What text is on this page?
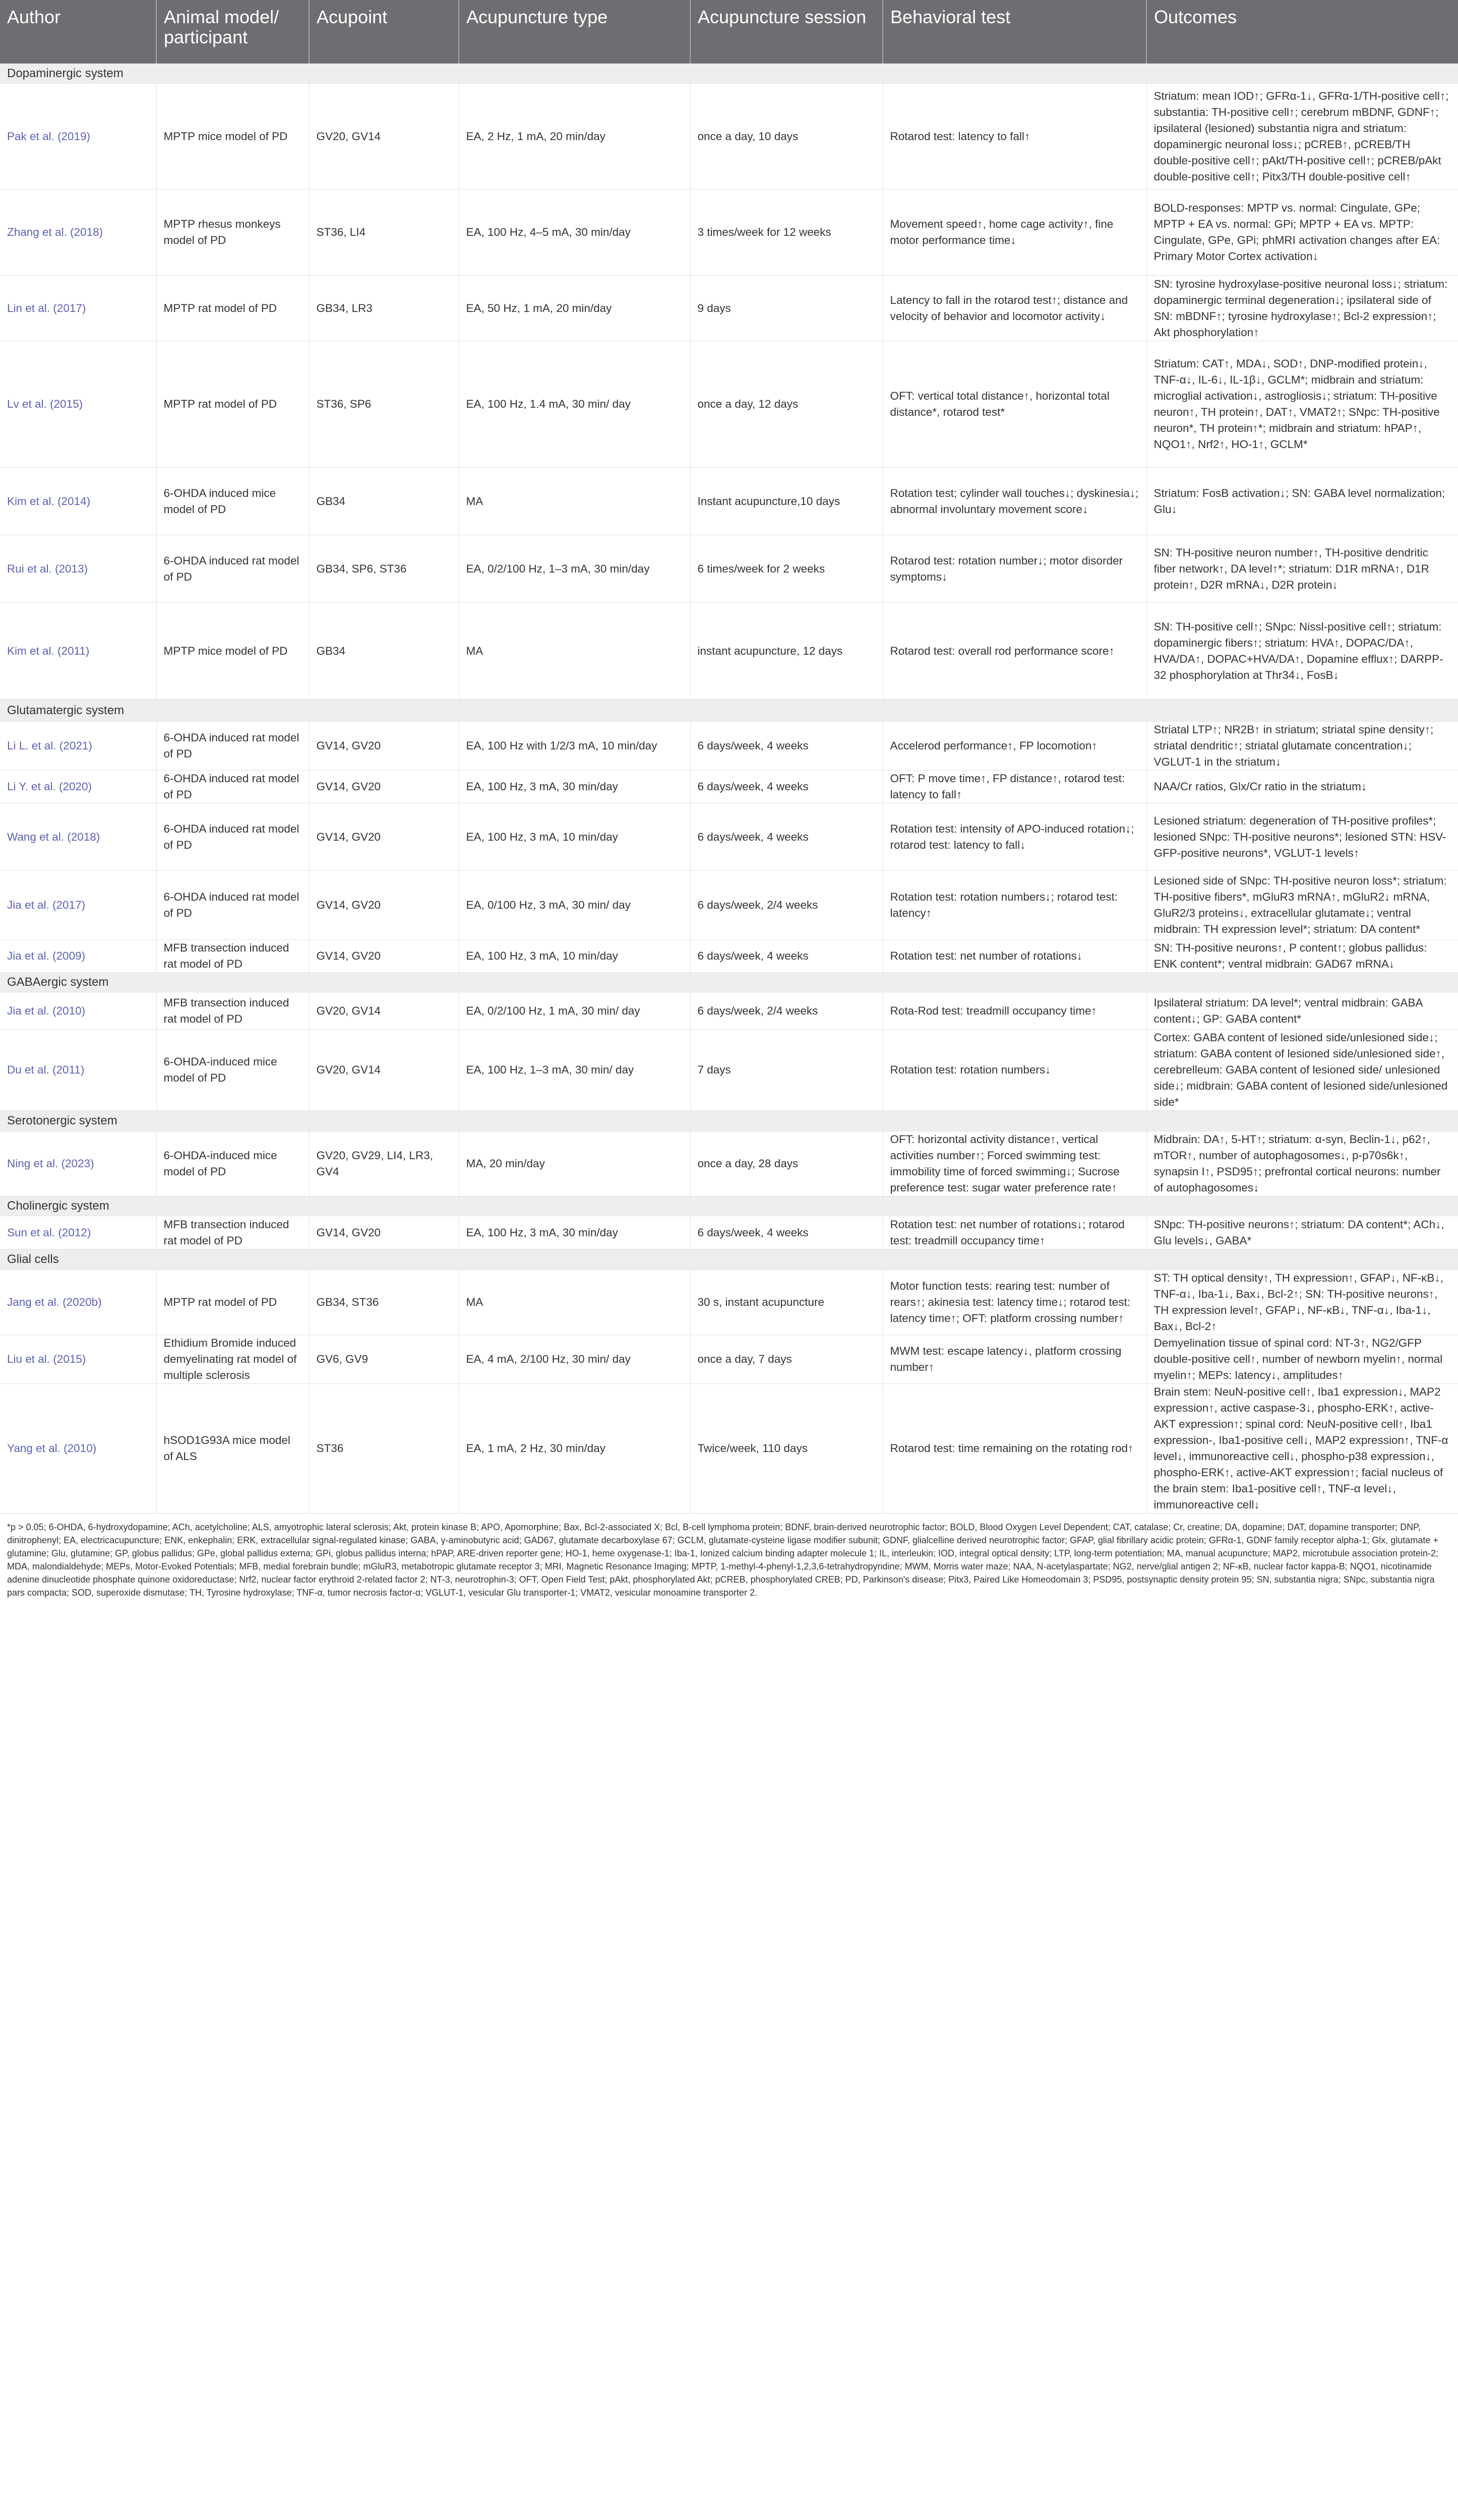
Author	Animal model/ participant	Acupoint	Acupuncture type	Acupuncture session	Behavioral test	Outcomes
Dopaminergic system						
Pak et al. (2019)	MPTP mice model of PD	GV20, GV14	EA, 2 Hz, 1 mA, 20 min/day	once a day, 10 days	Rotarod test: latency to fall↑	Striatum: mean IOD↑; GFRα-1↓, GFRα-1/TH-positive cell↑; substantia: TH-positive cell↑; cerebrum mBDNF, GDNF↑; ipsilateral (lesioned) substantia nigra and striatum: dopaminergic neuronal loss↓; pCREB↑, pCREB/TH double-positive cell↑; pAkt/TH-positive cell↑; pCREB/pAkt double-positive cell↑; Pitx3/TH double-positive cell↑
Zhang et al. (2018)	MPTP rhesus monkeys model of PD	ST36, LI4	EA, 100 Hz, 4–5 mA, 30 min/day	3 times/week for 12 weeks	Movement speed↑, home cage activity↑, fine motor performance time↓	BOLD-responses: MPTP vs. normal: Cingulate, GPe; MPTP + EA vs. normal: GPi; MPTP + EA vs. MPTP: Cingulate, GPe, GPi; phMRI activation changes after EA: Primary Motor Cortex activation↓
Lin et al. (2017)	MPTP rat model of PD	GB34, LR3	EA, 50 Hz, 1 mA, 20 min/day	9 days	Latency to fall in the rotarod test↑; distance and velocity of behavior and locomotor activity↓	SN: tyrosine hydroxylase-positive neuronal loss↓; striatum: dopaminergic terminal degeneration↓; ipsilateral side of SN: mBDNF↑; tyrosine hydroxylase↑; Bcl-2 expression↑; Akt phosphorylation↑
Lv et al. (2015)	MPTP rat model of PD	ST36, SP6	EA, 100 Hz, 1.4 mA, 30 min/ day	once a day, 12 days	OFT: vertical total distance↑, horizontal total distance*, rotarod test*	Striatum: CAT↑, MDA↓, SOD↑, DNP-modified protein↓, TNF-α↓, IL-6↓, IL-1β↓, GCLM*; midbrain and striatum: microglial activation↓, astrogliosis↓; striatum: TH-positive neuron↑, TH protein↑, DAT↑, VMAT2↑; SNpc: TH-positive neuron*, TH protein↑*; midbrain and striatum: hPAP↑, NQO1↑, Nrf2↑, HO-1↑, GCLM*
Kim et al. (2014)	6-OHDA induced mice model of PD	GB34	MA	Instant acupuncture,10 days	Rotation test; cylinder wall touches↓; dyskinesia↓; abnormal involuntary movement score↓	Striatum: FosB activation↓; SN: GABA level normalization; Glu↓
Rui et al. (2013)	6-OHDA induced rat model of PD	GB34, SP6, ST36	EA, 0/2/100 Hz, 1–3 mA, 30 min/day	6 times/week for 2 weeks	Rotarod test: rotation number↓; motor disorder symptoms↓	SN: TH-positive neuron number↑, TH-positive dendritic fiber network↑, DA level↑*; striatum: D1R mRNA↑, D1R protein↑, D2R mRNA↓, D2R protein↓
Kim et al. (2011)	MPTP mice model of PD	GB34	MA	instant acupuncture, 12 days	Rotarod test: overall rod performance score↑	SN: TH-positive cell↑; SNpc: Nissl-positive cell↑; striatum: dopaminergic fibers↑; striatum: HVA↑, DOPAC/DA↑, HVA/DA↑, DOPAC+HVA/DA↑, Dopamine efflux↑; DARPP-32 phosphorylation at Thr34↓, FosB↓
Glutamatergic system						
Li L. et al. (2021)	6-OHDA induced rat model of PD	GV14, GV20	EA, 100 Hz with 1/2/3 mA, 10 min/day	6 days/week, 4 weeks	Accelerod performance↑, FP locomotion↑	Striatal LTP↑; NR2B↑ in striatum; striatal spine density↑; striatal dendritic↑; striatal glutamate concentration↓; VGLUT-1 in the striatum↓
Li Y. et al. (2020)	6-OHDA induced rat model of PD	GV14, GV20	EA, 100 Hz, 3 mA, 30 min/day	6 days/week, 4 weeks	OFT: P move time↑, FP distance↑, rotarod test: latency to fall↑	NAA/Cr ratios, Glx/Cr ratio in the striatum↓
Wang et al. (2018)	6-OHDA induced rat model of PD	GV14, GV20	EA, 100 Hz, 3 mA, 10 min/day	6 days/week, 4 weeks	Rotation test: intensity of APO-induced rotation↓; rotarod test: latency to fall↓	Lesioned striatum: degeneration of TH-positive profiles*; lesioned SNpc: TH-positive neurons*; lesioned STN: HSV-GFP-positive neurons*, VGLUT-1 levels↑
Jia et al. (2017)	6-OHDA induced rat model of PD	GV14, GV20	EA, 0/100 Hz, 3 mA, 30 min/ day	6 days/week, 2/4 weeks	Rotation test: rotation numbers↓; rotarod test: latency↑	Lesioned side of SNpc: TH-positive neuron loss*; striatum: TH-positive fibers*, mGluR3 mRNA↑, mGluR2↓ mRNA, GluR2/3 proteins↓, extracellular glutamate↓; ventral midbrain: TH expression level*; striatum: DA content*
Jia et al. (2009)	MFB transection induced rat model of PD	GV14, GV20	EA, 100 Hz, 3 mA, 10 min/day	6 days/week, 4 weeks	Rotation test: net number of rotations↓	SN: TH-positive neurons↑, P content↑; globus pallidus: ENK content*; ventral midbrain: GAD67 mRNA↓
GABAergic system						
Jia et al. (2010)	MFB transection induced rat model of PD	GV20, GV14	EA, 0/2/100 Hz, 1 mA, 30 min/ day	6 days/week, 2/4 weeks	Rota-Rod test: treadmill occupancy time↑	Ipsilateral striatum: DA level*; ventral midbrain: GABA content↓; GP: GABA content*
Du et al. (2011)	6-OHDA-induced mice model of PD	GV20, GV14	EA, 100 Hz, 1–3 mA, 30 min/ day	7 days	Rotation test: rotation numbers↓	Cortex: GABA content of lesioned side/unlesioned side↓; striatum: GABA content of lesioned side/unlesioned side↑, cerebrelleum: GABA content of lesioned side/ unlesioned side↓; midbrain: GABA content of lesioned side/unlesioned side*
Serotonergic system						
Ning et al. (2023)	6-OHDA-induced mice model of PD	GV20, GV29, LI4, LR3, GV4	MA, 20 min/day	once a day, 28 days	OFT: horizontal activity distance↑, vertical activities number↑; Forced swimming test: immobility time of forced swimming↓; Sucrose preference test: sugar water preference rate↑	Midbrain: DA↑, 5-HT↑; striatum: α-syn, Beclin-1↓, p62↑, mTOR↑, number of autophagosomes↓, p-p70s6k↑, synapsin I↑, PSD95↑; prefrontal cortical neurons: number of autophagosomes↓
Cholinergic system						
Sun et al. (2012)	MFB transection induced rat model of PD	GV14, GV20	EA, 100 Hz, 3 mA, 30 min/day	6 days/week, 4 weeks	Rotation test: net number of rotations↓; rotarod test: treadmill occupancy time↑	SNpc: TH-positive neurons↑; striatum: DA content*; ACh↓, Glu levels↓, GABA*
Glial cells						
Jang et al. (2020b)	MPTP rat model of PD	GB34, ST36	MA	30 s, instant acupuncture	Motor function tests: rearing test: number of rears↑; akinesia test: latency time↓; rotarod test: latency time↑; OFT: platform crossing number↑	ST: TH optical density↑, TH expression↑, GFAP↓, NF-κB↓, TNF-α↓, Iba-1↓, Bax↓, Bcl-2↑; SN: TH-positive neurons↑, TH expression level↑, GFAP↓, NF-κB↓, TNF-α↓, Iba-1↓, Bax↓, Bcl-2↑
Liu et al. (2015)	Ethidium Bromide induced demyelinating rat model of multiple sclerosis	GV6, GV9	EA, 4 mA, 2/100 Hz, 30 min/ day	once a day, 7 days	MWM test: escape latency↓, platform crossing number↑	Demyelination tissue of spinal cord: NT-3↑, NG2/GFP double-positive cell↑, number of newborn myelin↑, normal myelin↑; MEPs: latency↓, amplitudes↑
Yang et al. (2010)	hSOD1G93A mice model of ALS	ST36	EA, 1 mA, 2 Hz, 30 min/day	Twice/week, 110 days	Rotarod test: time remaining on the rotating rod↑	Brain stem: NeuN-positive cell↑, Iba1 expression↓, MAP2 expression↑, active caspase-3↓, phospho-ERK↑, active-AKT expression↑; spinal cord: NeuN-positive cell↑, Iba1 expression-, Iba1-positive cell↓, MAP2 expression↑, TNF-α level↓, immunoreactive cell↓, phospho-p38 expression↓, phospho-ERK↑, active-AKT expression↑; facial nucleus of the brain stem: Iba1-positive cell↑, TNF-α level↓, immunoreactive cell↓
*p > 0.05; 6-OHDA, 6-hydroxydopamine; ACh, acetylcholine; ALS, amyotrophic lateral sclerosis; Akt, protein kinase B; APO, Apomorphine; Bax, Bcl-2-associated X; Bcl, B-cell lymphoma protein; BDNF, brain-derived neurotrophic factor; BOLD, Blood Oxygen Level Dependent; CAT, catalase; Cr, creatine; DA, dopamine; DAT, dopamine transporter; DNP, dinitrophenyl; EA, electricacupuncture; ENK, enkephalin; ERK, extracellular signal-regulated kinase; GABA, γ-aminobutyric acid; GAD67, glutamate decarboxylase 67; GCLM, glutamate-cysteine ligase modifier subunit; GDNF, glialcelline derived neurotrophic factor; GFAP, glial fibrillary acidic protein; GFRα-1, GDNF family receptor alpha-1; Glx, glutamate + glutamine; Glu, glutamine; GP, globus pallidus; GPe, global pallidus externa; GPi, globus pallidus interna; hPAP, ARE-driven reporter gene; HO-1, heme oxygenase-1; Iba-1, Ionized calcium binding adapter molecule 1; IL, interleukin; IOD, integral optical density; LTP, long-term potentiation; MA, manual acupuncture; MAP2, microtubule association protein-2; MDA, malondialdehyde; MEPs, Motor-Evoked Potentials; MFB, medial forebrain bundle; mGluR3, metabotropic glutamate receptor 3; MRI, Magnetic Resonance Imaging; MPTP, 1-methyl-4-phenyl-1,2,3,6-tetrahydropyridine; MWM, Morris water maze; NAA, N-acetylaspartate; NG2, nerve/glial antigen 2; NF-κB, nuclear factor kappa-B; NQO1, nicotinamide adenine dinucleotide phosphate quinone oxidoreductase; Nrf2, nuclear factor erythroid 2-related factor 2; NT-3, neurotrophin-3; OFT, Open Field Test; pAkt, phosphorylated Akt; pCREB, phosphorylated CREB; PD, Parkinson's disease; Pitx3, Paired Like Homeodomain 3; PSD95, postsynaptic density protein 95; SN, substantia nigra; SNpc, substantia nigra pars compacta; SOD, superoxide dismutase; TH, Tyrosine hydroxylase; TNF-α, tumor necrosis factor-α; VGLUT-1, vesicular Glu transporter-1; VMAT2, vesicular monoamine transporter 2.
